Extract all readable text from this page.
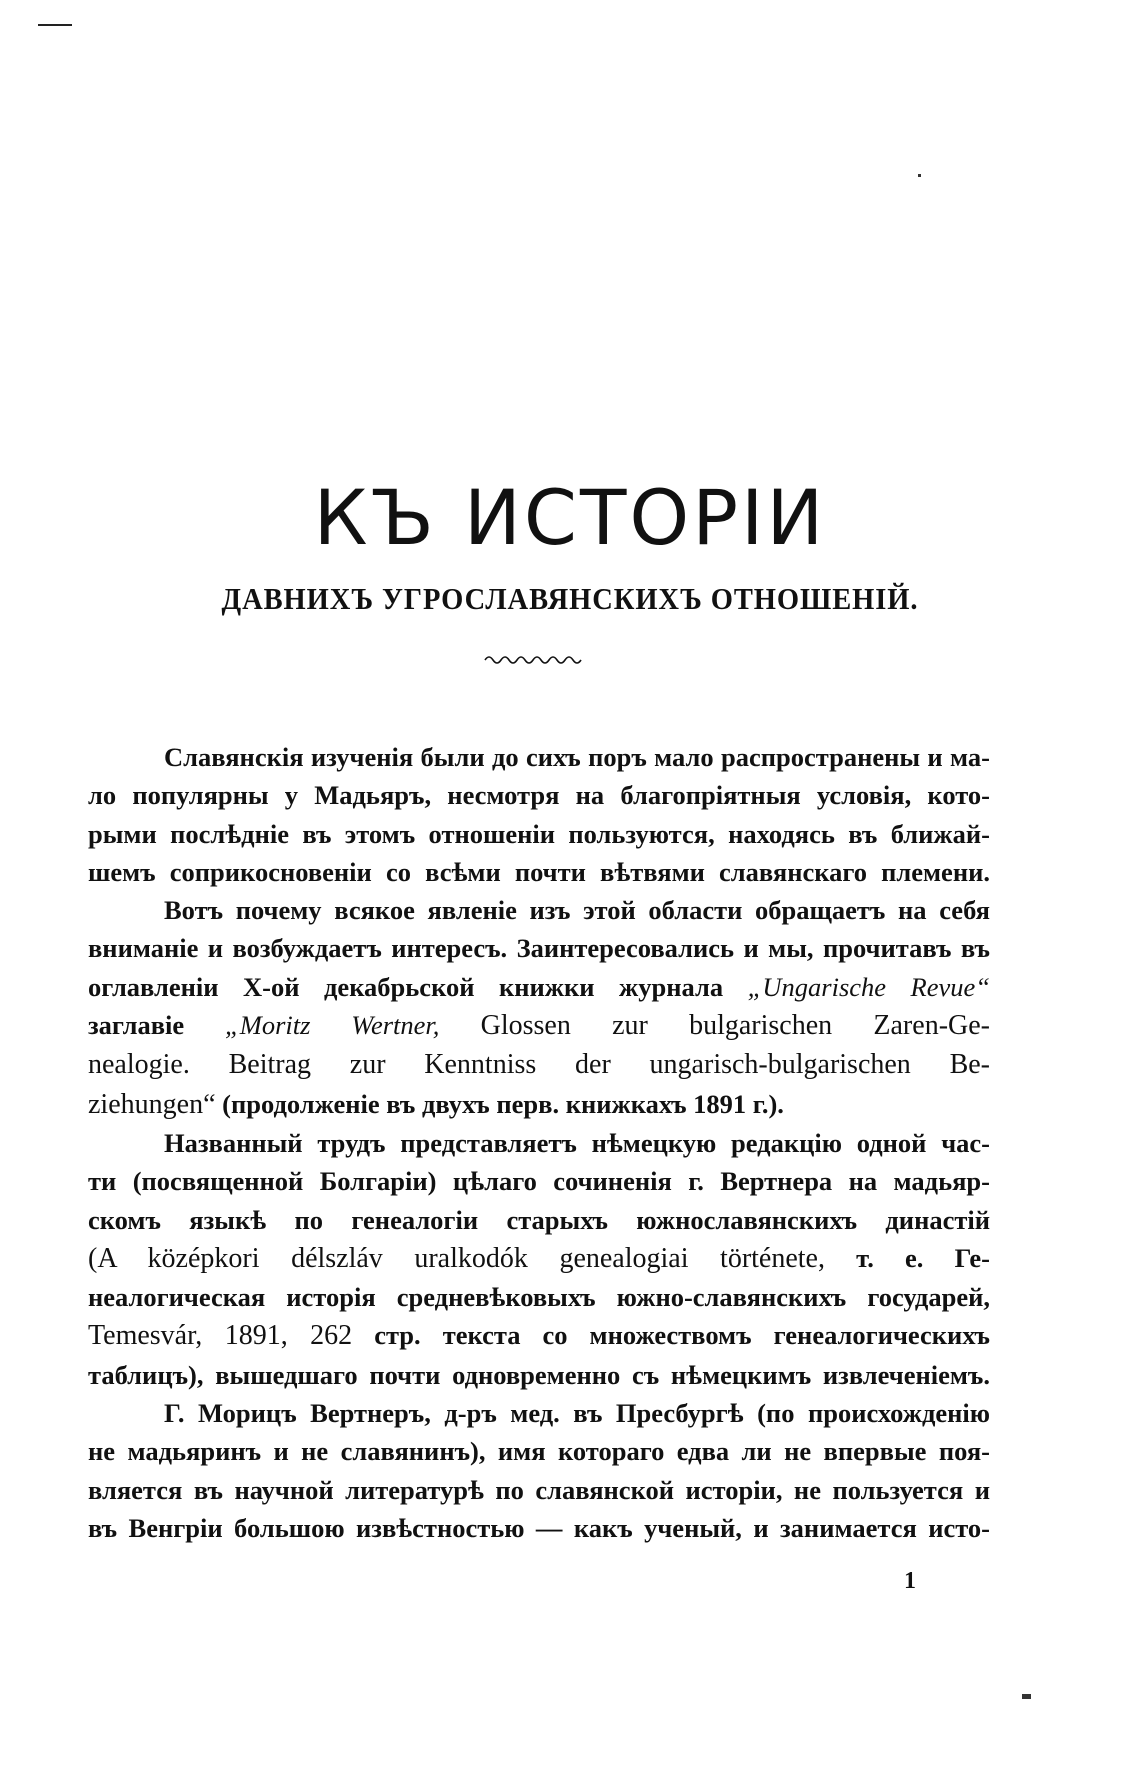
КЪ ИСТОРІИ
ДАВНИХЪ УГРОСЛАВЯНСКИХЪ ОТНОШЕНІЙ.
Славянскія изученія были до сихъ поръ мало распространены и ма-
ло популярны у Мадьяръ, несмотря на благопріятныя условія, кото-
рыми послѣдніе въ этомъ отношеніи пользуются, находясь въ ближай-
шемъ соприкосновеніи со всѣми почти вѣтвями славянскаго племени.
Вотъ почему всякое явленіе изъ этой области обращаетъ на себя
вниманіе и возбуждаетъ интересъ. Заинтересовались и мы, прочитавъ въ
оглавленіи X-ой декабрьской книжки журнала „Ungarische Revue“
заглавіе „Moritz Wertner, Glossen zur bulgarischen Zaren-Ge-
nealogie. Beitrag zur Kenntniss der ungarisch-bulgarischen Be-
ziehungen“ (продолженіе въ двухъ перв. книжкахъ 1891 г.).
Названный трудъ представляетъ нѣмецкую редакцію одной час-
ти (посвященной Болгаріи) цѣлаго сочиненія г. Вертнера на мадьяр-
скомъ языкѣ по генеалогіи старыхъ южнославянскихъ династій
(A középkori délszláv uralkodók genealogiai története, т. е. Ге-
неалогическая исторія средневѣковыхъ южно-славянскихъ государей,
Temesvár, 1891, 262 стр. текста со множествомъ генеалогическихъ
таблицъ), вышедшаго почти одновременно съ нѣмецкимъ извлеченіемъ.
Г. Морицъ Вертнеръ, д-ръ мед. въ Пресбургѣ (по происхожденію
не мадьяринъ и не славянинъ), имя котораго едва ли не впервые поя-
вляется въ научной литературѣ по славянской исторіи, не пользуется и
въ Венгріи большою извѣстностью — какъ ученый, и занимается исто-
1
